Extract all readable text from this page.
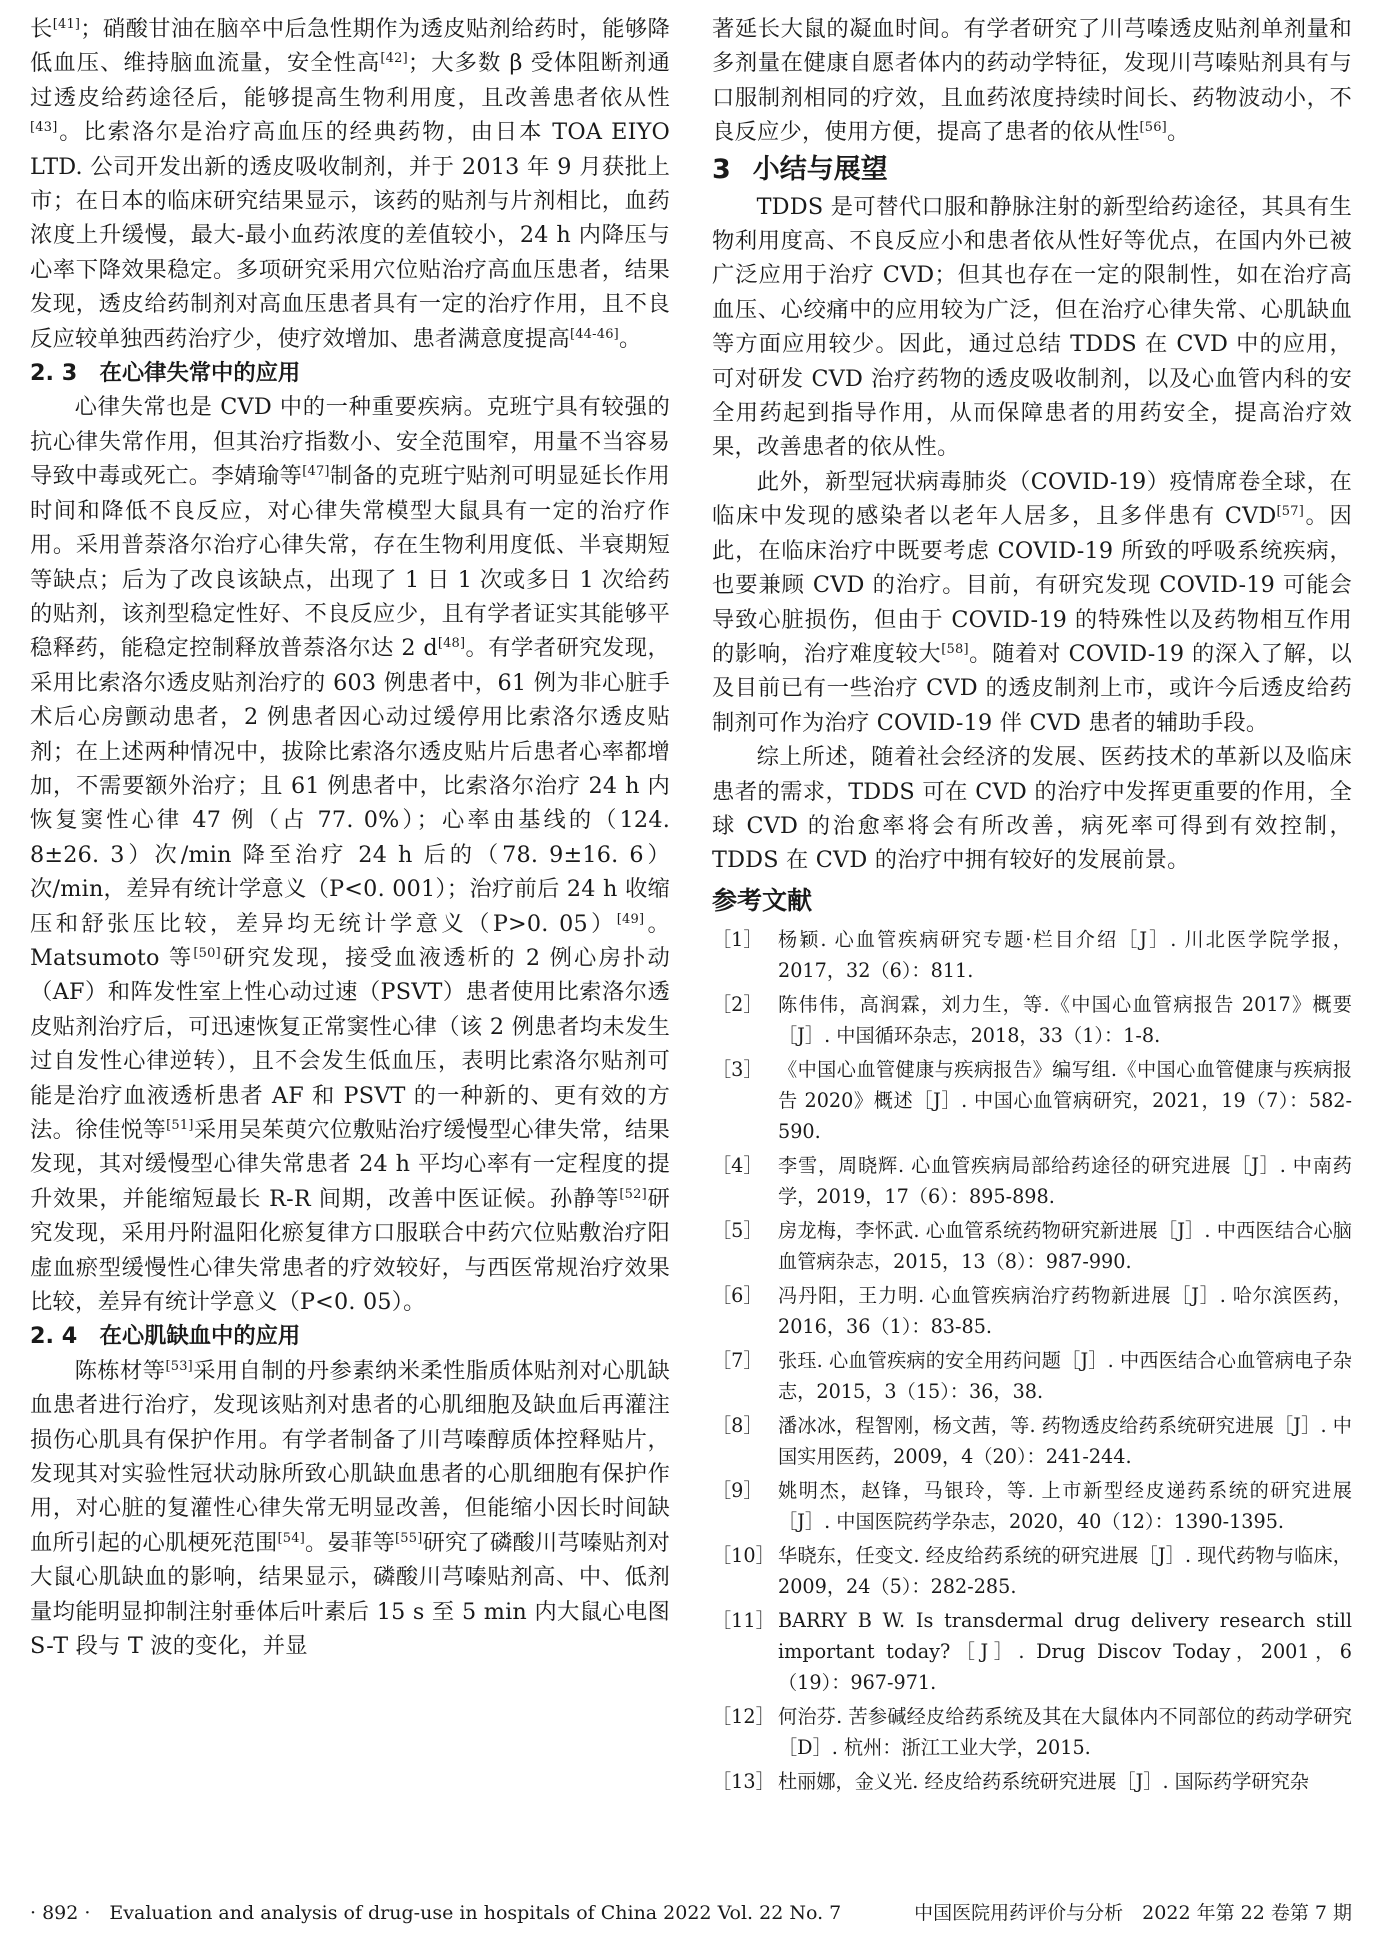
长[41]；硝酸甘油在脑卒中后急性期作为透皮贴剂给药时，能够降低血压、维持脑血流量，安全性高[42]；大多数 β 受体阻断剂通过透皮给药途径后，能够提高生物利用度，且改善患者依从性[43]。比索洛尔是治疗高血压的经典药物，由日本 TOA EIYO LTD. 公司开发出新的透皮吸收制剂，并于 2013 年 9 月获批上市；在日本的临床研究结果显示，该药的贴剂与片剂相比，血药浓度上升缓慢，最大-最小血药浓度的差值较小，24 h 内降压与心率下降效果稳定。多项研究采用穴位贴治疗高血压患者，结果发现，透皮给药制剂对高血压患者具有一定的治疗作用，且不良反应较单独西药治疗少，使疗效增加、患者满意度提高[44-46]。

2. 3　在心律失常中的应用

心律失常也是 CVD 中的一种重要疾病。克班宁具有较强的抗心律失常作用，但其治疗指数小、安全范围窄，用量不当容易导致中毒或死亡。李婧瑜等[47]制备的克班宁贴剂可明显延长作用时间和降低不良反应，对心律失常模型大鼠具有一定的治疗作用。采用普萘洛尔治疗心律失常，存在生物利用度低、半衰期短等缺点；后为了改良该缺点，出现了 1 日 1 次或多日 1 次给药的贴剂，该剂型稳定性好、不良反应少，且有学者证实其能够平稳释药，能稳定控制释放普萘洛尔达 2 d[48]。有学者研究发现，采用比索洛尔透皮贴剂治疗的 603 例患者中，61 例为非心脏手术后心房颤动患者，2 例患者因心动过缓停用比索洛尔透皮贴剂；在上述两种情况中，拔除比索洛尔透皮贴片后患者心率都增加，不需要额外治疗；且 61 例患者中，比索洛尔治疗 24 h 内恢复窦性心律 47 例（占 77. 0%）；心率由基线的（124. 8±26. 3）次/min 降至治疗 24 h 后的（78. 9±16. 6）次/min，差异有统计学意义（P<0. 001）；治疗前后 24 h 收缩压和舒张压比较，差异均无统计学意义（P>0. 05）[49]。Matsumoto 等[50]研究发现，接受血液透析的 2 例心房扑动（AF）和阵发性室上性心动过速（PSVT）患者使用比索洛尔透皮贴剂治疗后，可迅速恢复正常窦性心律（该 2 例患者均未发生过自发性心律逆转），且不会发生低血压，表明比索洛尔贴剂可能是治疗血液透析患者 AF 和 PSVT 的一种新的、更有效的方法。徐佳悦等[51]采用吴茱萸穴位敷贴治疗缓慢型心律失常，结果发现，其对缓慢型心律失常患者 24 h 平均心率有一定程度的提升效果，并能缩短最长 R-R 间期，改善中医证候。孙静等[52]研究发现，采用丹附温阳化瘀复律方口服联合中药穴位贴敷治疗阳虚血瘀型缓慢性心律失常患者的疗效较好，与西医常规治疗效果比较，差异有统计学意义（P<0. 05）。

2. 4　在心肌缺血中的应用

陈栋材等[53]采用自制的丹参素纳米柔性脂质体贴剂对心肌缺血患者进行治疗，发现该贴剂对患者的心肌细胞及缺血后再灌注损伤心肌具有保护作用。有学者制备了川芎嗪醇质体控释贴片，发现其对实验性冠状动脉所致心肌缺血患者的心肌细胞有保护作用，对心脏的复灌性心律失常无明显改善，但能缩小因长时间缺血所引起的心肌梗死范围[54]。晏菲等[55]研究了磷酸川芎嗪贴剂对大鼠心肌缺血的影响，结果显示，磷酸川芎嗪贴剂高、中、低剂量均能明显抑制注射垂体后叶素后 15 s 至 5 min 内大鼠心电图 S-T 段与 T 波的变化，并显

著延长大鼠的凝血时间。有学者研究了川芎嗪透皮贴剂单剂量和多剂量在健康自愿者体内的药动学特征，发现川芎嗪贴剂具有与口服制剂相同的疗效，且血药浓度持续时间长、药物波动小，不良反应少，使用方便，提高了患者的依从性[56]。

3 小结与展望

TDDS 是可替代口服和静脉注射的新型给药途径，其具有生物利用度高、不良反应小和患者依从性好等优点，在国内外已被广泛应用于治疗 CVD；但其也存在一定的限制性，如在治疗高血压、心绞痛中的应用较为广泛，但在治疗心律失常、心肌缺血等方面应用较少。因此，通过总结 TDDS 在 CVD 中的应用，可对研发 CVD 治疗药物的透皮吸收制剂，以及心血管内科的安全用药起到指导作用，从而保障患者的用药安全，提高治疗效果，改善患者的依从性。

此外，新型冠状病毒肺炎（COVID-19）疫情席卷全球，在临床中发现的感染者以老年人居多，且多伴患有 CVD[57]。因此，在临床治疗中既要考虑 COVID-19 所致的呼吸系统疾病，也要兼顾 CVD 的治疗。目前，有研究发现 COVID-19 可能会导致心脏损伤，但由于 COVID-19 的特殊性以及药物相互作用的影响，治疗难度较大[58]。随着对 COVID-19 的深入了解，以及目前已有一些治疗 CVD 的透皮制剂上市，或许今后透皮给药制剂可作为治疗 COVID-19 伴 CVD 患者的辅助手段。

综上所述，随着社会经济的发展、医药技术的革新以及临床患者的需求，TDDS 可在 CVD 的治疗中发挥更重要的作用，全球 CVD 的治愈率将会有所改善，病死率可得到有效控制，TDDS 在 CVD 的治疗中拥有较好的发展前景。

参考文献
［1］ 杨颖. 心血管疾病研究专题·栏目介绍［J］. 川北医学院学报，2017，32（6）：811.
［2］ 陈伟伟，高润霖，刘力生，等.《中国心血管病报告 2017》概要［J］. 中国循环杂志，2018，33（1）：1-8.
［3］ 《中国心血管健康与疾病报告》编写组.《中国心血管健康与疾病报告 2020》概述［J］. 中国心血管病研究，2021，19（7）：582-590.
［4］ 李雪，周晓辉. 心血管疾病局部给药途径的研究进展［J］. 中南药学，2019，17（6）：895-898.
［5］ 房龙梅，李怀武. 心血管系统药物研究新进展［J］. 中西医结合心脑血管病杂志，2015，13（8）：987-990.
［6］ 冯丹阳，王力明. 心血管疾病治疗药物新进展［J］. 哈尔滨医药，2016，36（1）：83-85.
［7］ 张珏. 心血管疾病的安全用药问题［J］. 中西医结合心血管病电子杂志，2015，3（15）：36，38.
［8］ 潘冰冰，程智刚，杨文茜，等. 药物透皮给药系统研究进展［J］. 中国实用医药，2009，4（20）：241-244.
［9］ 姚明杰，赵锋，马银玲，等. 上市新型经皮递药系统的研究进展［J］. 中国医院药学杂志，2020，40（12）：1390-1395.
［10］ 华晓东，任变文. 经皮给药系统的研究进展［J］. 现代药物与临床，2009，24（5）：282-285.
［11］ BARRY B W. Is transdermal drug delivery research still important today?［J］. Drug Discov Today，2001，6（19）：967-971.
［12］ 何治芬. 苦参碱经皮给药系统及其在大鼠体内不同部位的药动学研究［D］. 杭州：浙江工业大学，2015.
［13］ 杜丽娜，金义光. 经皮给药系统研究进展［J］. 国际药学研究杂
· 892 ·　Evaluation and analysis of drug-use in hospitals of China 2022 Vol. 22 No. 7	中国医院用药评价与分析　2022 年第 22 卷第 7 期
